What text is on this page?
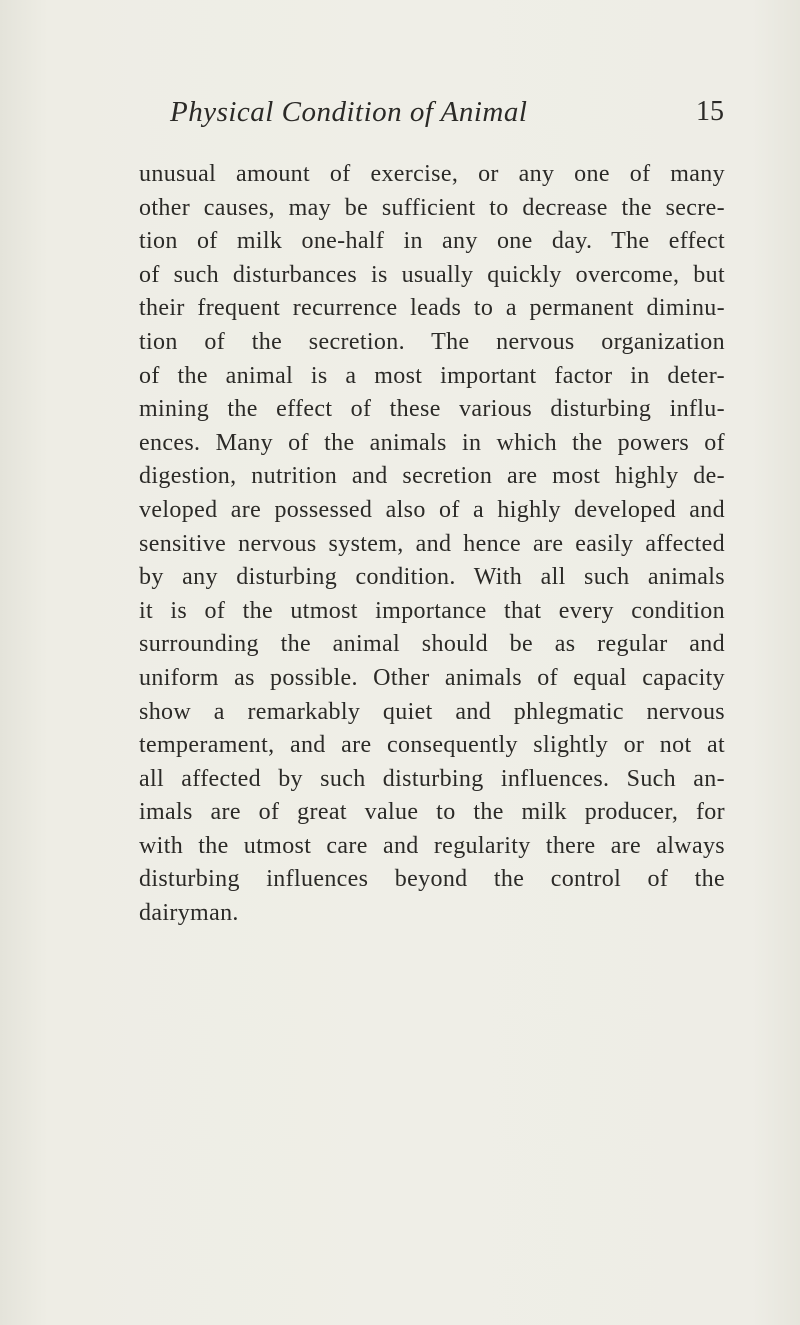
Physical Condition of Animal	15
unusual amount of exercise, or any one of many
other causes, may be sufficient to decrease the secre-
tion of milk one-half in any one day. The effect
of such disturbances is usually quickly overcome, but
their frequent recurrence leads to a permanent diminu-
tion of the secretion. The nervous organization
of the animal is a most important factor in deter-
mining the effect of these various disturbing influ-
ences. Many of the animals in which the powers of
digestion, nutrition and secretion are most highly de-
veloped are possessed also of a highly developed and
sensitive nervous system, and hence are easily affected
by any disturbing condition. With all such animals
it is of the utmost importance that every condition
surrounding the animal should be as regular and
uniform as possible. Other animals of equal capacity
show a remarkably quiet and phlegmatic nervous
temperament, and are consequently slightly or not at
all affected by such disturbing influences. Such an-
imals are of great value to the milk producer, for
with the utmost care and regularity there are always
disturbing influences beyond the control of the
dairyman.
